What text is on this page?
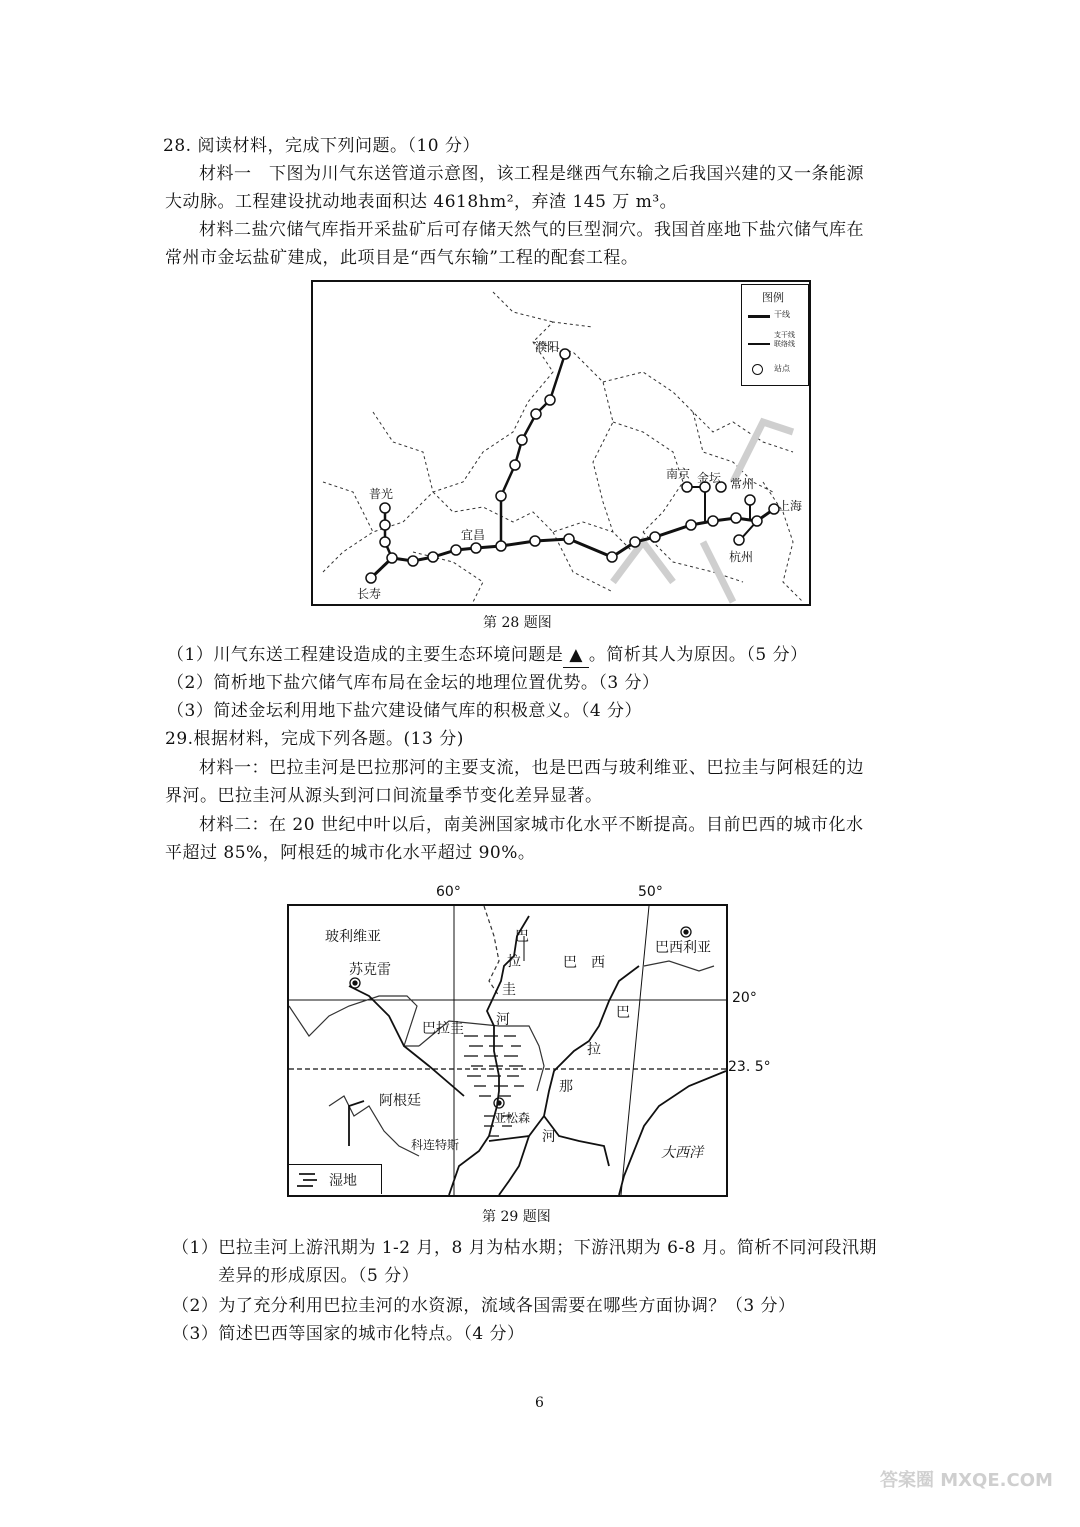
28. 阅读材料，完成下列问题。（10 分）
材料一　下图为川气东送管道示意图，该工程是继西气东输之后我国兴建的又一条能源
大动脉。工程建设扰动地表面积达 4618hm²，弃渣 145 万 m³。
材料二盐穴储气库指开采盐矿后可存储天然气的巨型洞穴。我国首座地下盐穴储气库在
常州市金坛盐矿建成，此项目是“西气东输”工程的配套工程。
图例
干线
支干线
联络线
站点
濮阳
普光
宜昌
长寿
南京 金坛 常州
上海
杭州
第 28 题图
（1）川气东送工程建设造成的主要生态环境问题是 ▲ 。简析其人为原因。（5 分）
（2）简析地下盐穴储气库布局在金坛的地理位置优势。（3 分）
（3）简述金坛利用地下盐穴建设储气库的积极意义。（4 分）
29.根据材料，完成下列各题。(13 分)
材料一：巴拉圭河是巴拉那河的主要支流，也是巴西与玻利维亚、巴拉圭与阿根廷的边
界河。巴拉圭河从源头到河口间流量季节变化差异显著。
材料二：在 20 世纪中叶以后，南美洲国家城市化水平不断提高。目前巴西的城市化水
平超过 85%，阿根廷的城市化水平超过 90%。
60°	50°
20°
23. 5°
玻利维亚
苏克雷	巴　西
巴西利亚
巴拉圭
阿根廷
亚松森
科连特斯	大西洋
巴
拉
圭
河	巴
拉
那
河
湿地
第 29 题图
（1）巴拉圭河上游汛期为 1-2 月，8 月为枯水期；下游汛期为 6-8 月。简析不同河段汛期
差异的形成原因。（5 分）
（2）为了充分利用巴拉圭河的水资源，流域各国需要在哪些方面协调？（3 分）
（3）简述巴西等国家的城市化特点。（4 分）
6
答案圈 MXQE.COM
